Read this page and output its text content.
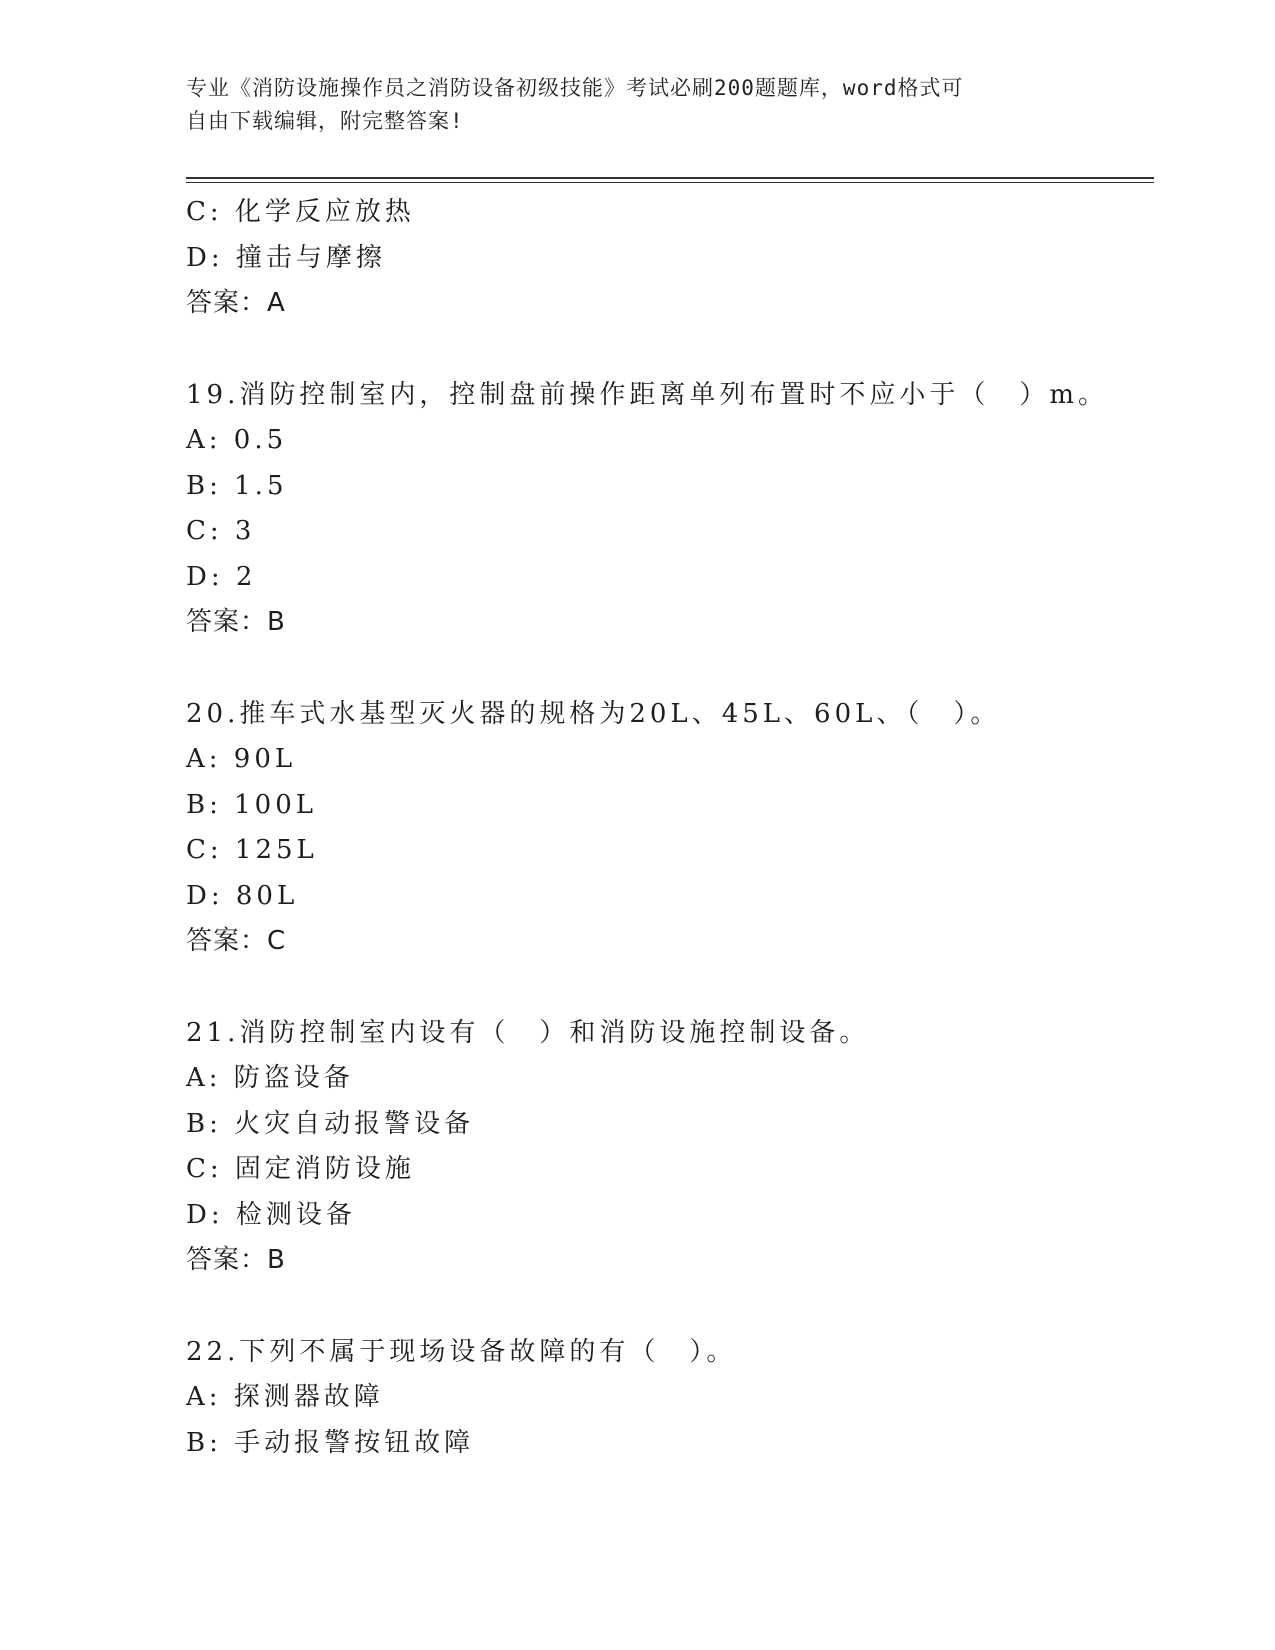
专业《消防设施操作员之消防设备初级技能》考试必刷200题题库，word格式可
自由下载编辑，附完整答案!
C: 化学反应放热
D: 撞击与摩擦
答案：A
19.消防控制室内，控制盘前操作距离单列布置时不应小于（　）m。
A: 0.5
B: 1.5
C: 3
D: 2
答案：B
20.推车式水基型灭火器的规格为20L、45L、60L、（　）。
A: 90L
B: 100L
C: 125L
D: 80L
答案：C
21.消防控制室内设有（　）和消防设施控制设备。
A: 防盗设备
B: 火灾自动报警设备
C: 固定消防设施
D: 检测设备
答案：B
22.下列不属于现场设备故障的有（　）。
A: 探测器故障
B: 手动报警按钮故障
